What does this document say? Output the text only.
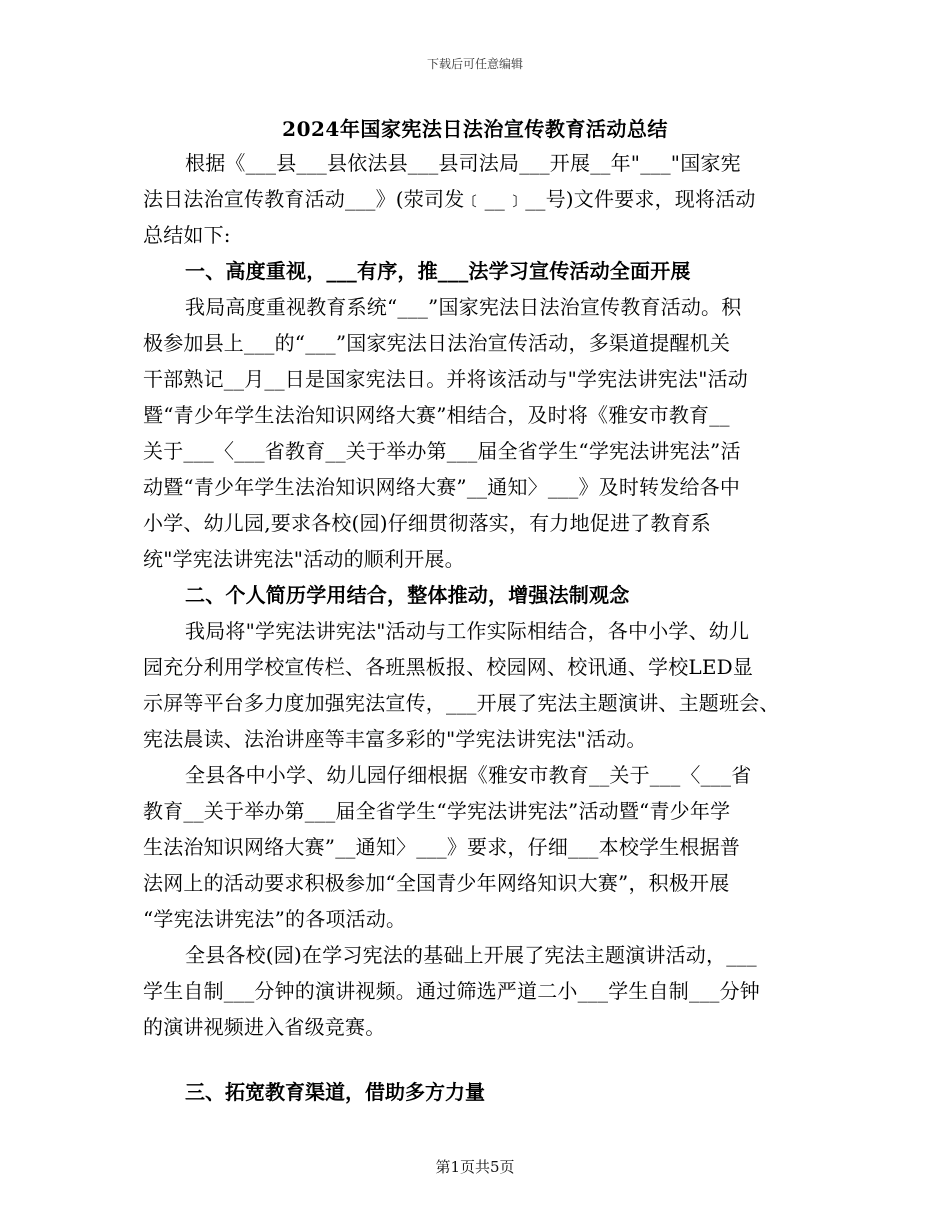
下载后可任意编辑
2024年国家宪法日法治宣传教育活动总结
根据《___县___县依法县___县司法局___开展__年"___"国家宪
法日法治宣传教育活动___》(荥司发﹝__﹞__号)文件要求，现将活动
总结如下:
一、高度重视，___有序，推___法学习宣传活动全面开展
我局高度重视教育系统“___”国家宪法日法治宣传教育活动。积
极参加县上___的“___”国家宪法日法治宣传活动，多渠道提醒机关
干部熟记__月__日是国家宪法日。并将该活动与"学宪法讲宪法"活动
暨“青少年学生法治知识网络大赛”相结合，及时将《雅安市教育__
关于___〈___省教育__关于举办第___届全省学生“学宪法讲宪法”活
动暨“青少年学生法治知识网络大赛”__通知〉___》及时转发给各中
小学、幼儿园,要求各校(园)仔细贯彻落实，有力地促进了教育系
统"学宪法讲宪法"活动的顺利开展。
二、个人简历学用结合，整体推动，增强法制观念
我局将"学宪法讲宪法"活动与工作实际相结合，各中小学、幼儿
园充分利用学校宣传栏、各班黑板报、校园网、校讯通、学校LED显
示屏等平台多力度加强宪法宣传，___开展了宪法主题演讲、主题班会、
宪法晨读、法治讲座等丰富多彩的"学宪法讲宪法"活动。
全县各中小学、幼儿园仔细根据《雅安市教育__关于___〈___省
教育__关于举办第___届全省学生“学宪法讲宪法”活动暨“青少年学
生法治知识网络大赛”__通知〉___》要求，仔细___本校学生根据普
法网上的活动要求积极参加“全国青少年网络知识大赛”，积极开展
“学宪法讲宪法”的各项活动。
全县各校(园)在学习宪法的基础上开展了宪法主题演讲活动，___
学生自制___分钟的演讲视频。通过筛选严道二小___学生自制___分钟
的演讲视频进入省级竞赛。
三、拓宽教育渠道，借助多方力量
第1页共5页
